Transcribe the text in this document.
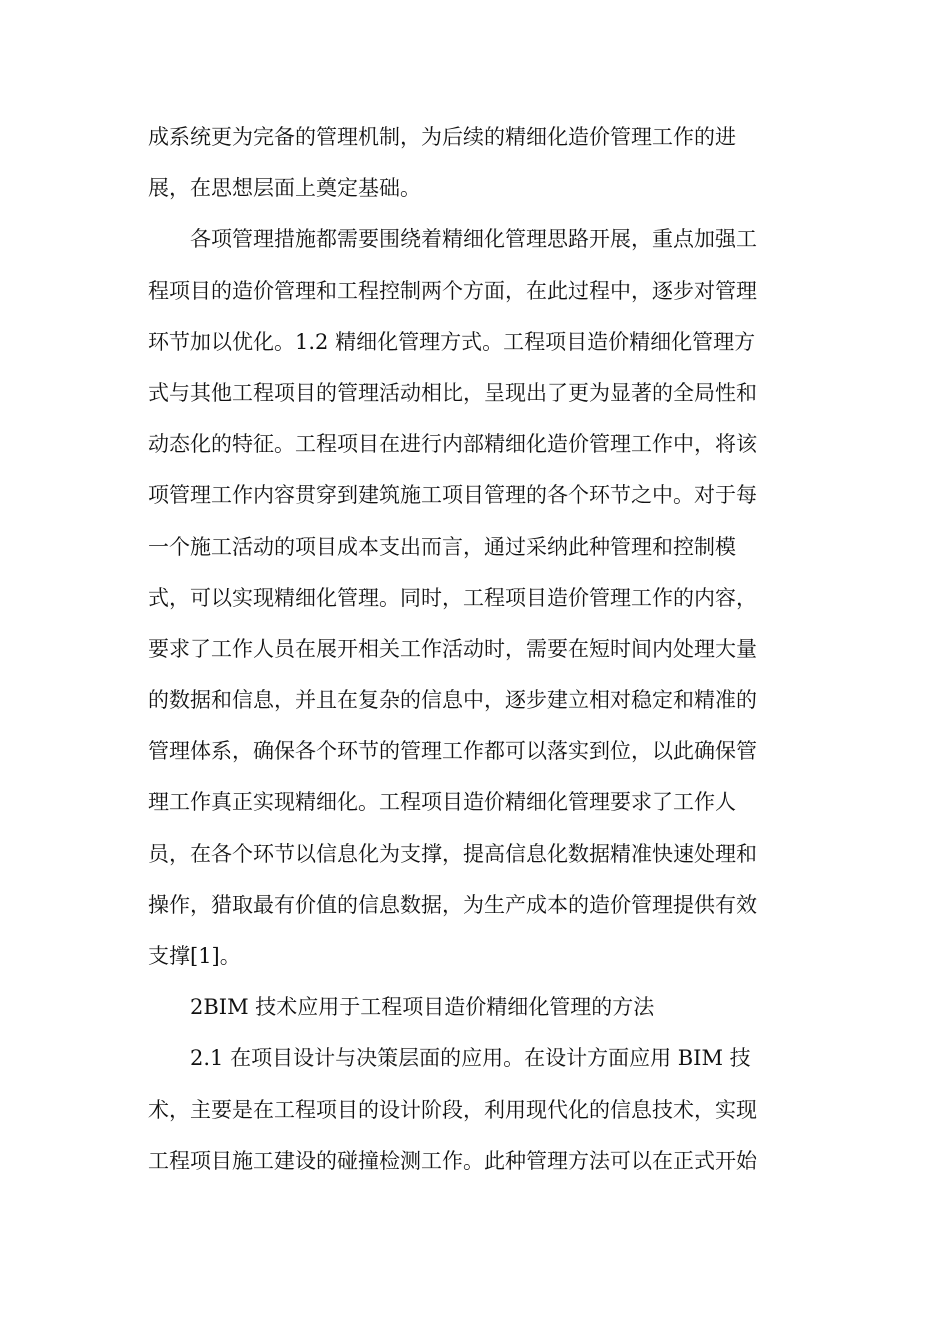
成系统更为完备的管理机制，为后续的精细化造价管理工作的进
展，在思想层面上奠定基础。
各项管理措施都需要围绕着精细化管理思路开展，重点加强工
程项目的造价管理和工程控制两个方面，在此过程中，逐步对管理
环节加以优化。1.2 精细化管理方式。工程项目造价精细化管理方
式与其他工程项目的管理活动相比，呈现出了更为显著的全局性和
动态化的特征。工程项目在进行内部精细化造价管理工作中，将该
项管理工作内容贯穿到建筑施工项目管理的各个环节之中。对于每
一个施工活动的项目成本支出而言，通过采纳此种管理和控制模
式，可以实现精细化管理。同时，工程项目造价管理工作的内容，
要求了工作人员在展开相关工作活动时，需要在短时间内处理大量
的数据和信息，并且在复杂的信息中，逐步建立相对稳定和精准的
管理体系，确保各个环节的管理工作都可以落实到位，以此确保管
理工作真正实现精细化。工程项目造价精细化管理要求了工作人
员，在各个环节以信息化为支撑，提高信息化数据精准快速处理和
操作，猎取最有价值的信息数据，为生产成本的造价管理提供有效
支撑[1]。
2BIM 技术应用于工程项目造价精细化管理的方法
2.1 在项目设计与决策层面的应用。在设计方面应用 BIM 技
术，主要是在工程项目的设计阶段，利用现代化的信息技术，实现
工程项目施工建设的碰撞检测工作。此种管理方法可以在正式开始
